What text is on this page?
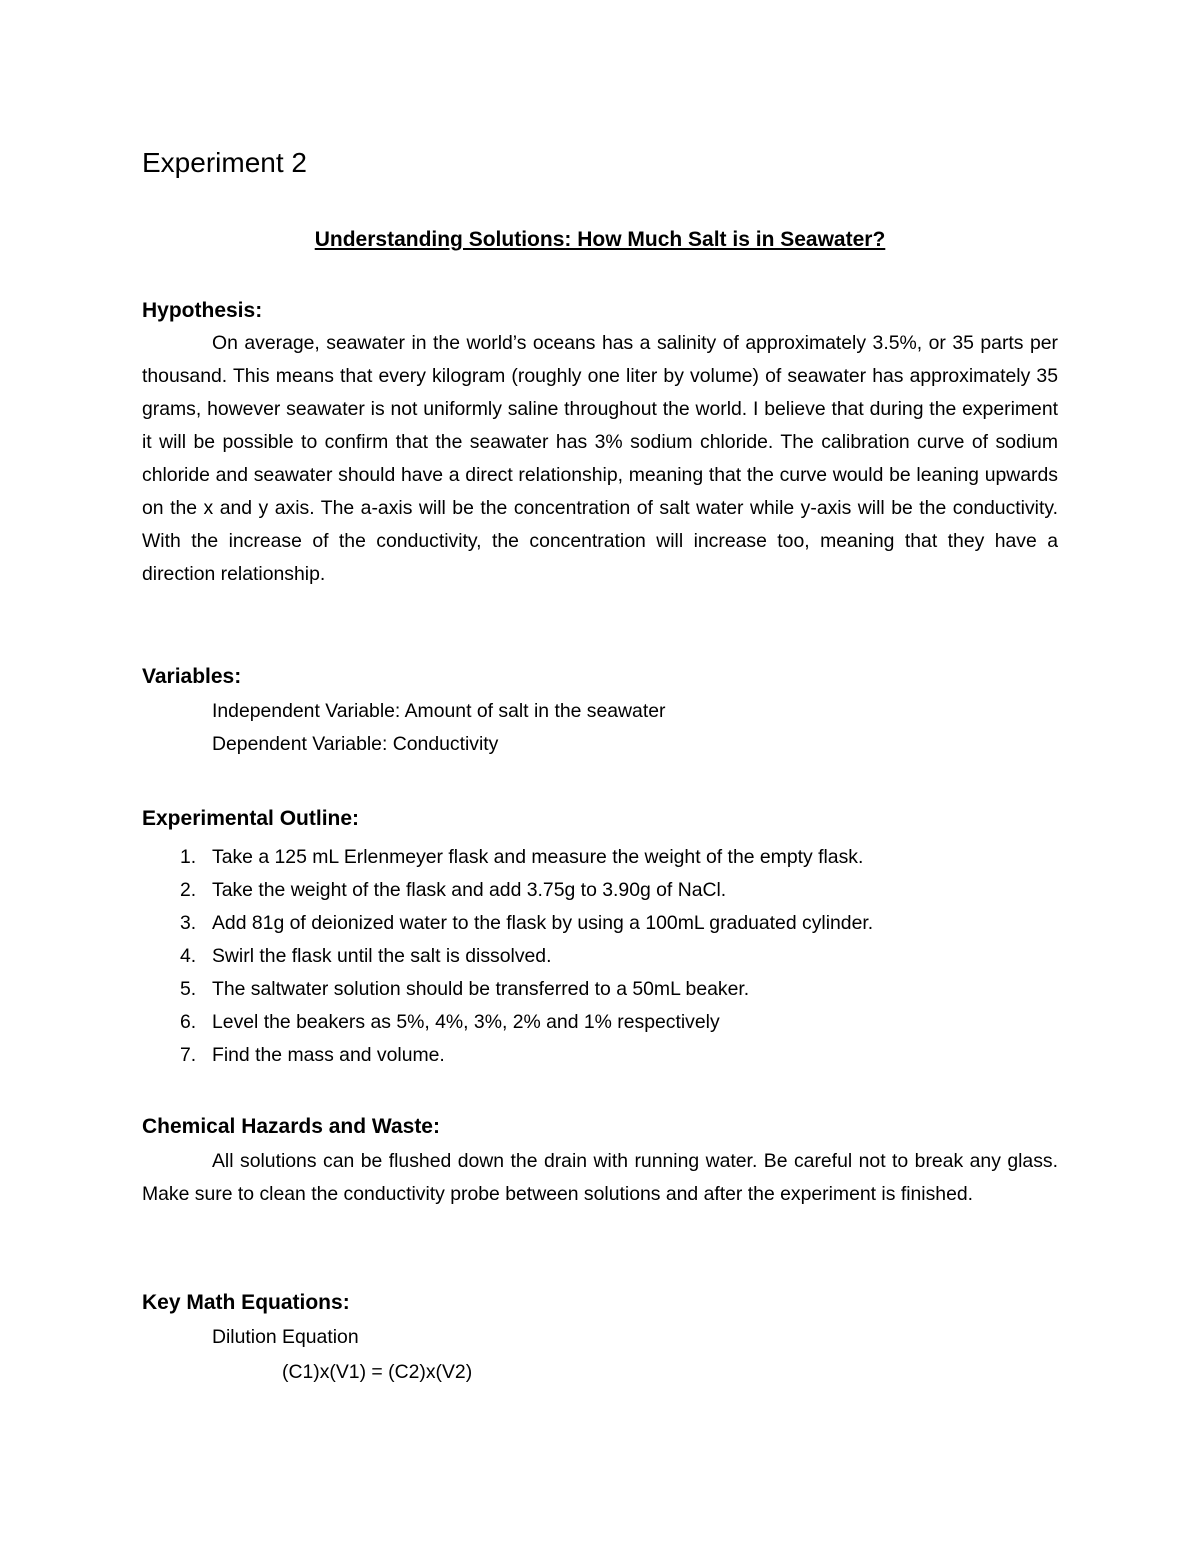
Experiment 2

Understanding Solutions: How Much Salt is in Seawater?

Hypothesis:

On average, seawater in the world’s oceans has a salinity of approximately 3.5%, or 35 parts per thousand. This means that every kilogram (roughly one liter by volume) of seawater has approximately 35 grams, however seawater is not uniformly saline throughout the world. I believe that during the experiment it will be possible to confirm that the seawater has 3% sodium chloride. The calibration curve of sodium chloride and seawater should have a direct relationship, meaning that the curve would be leaning upwards on the x and y axis. The a-axis will be the concentration of salt water while y-axis will be the conductivity. With the increase of the conductivity, the concentration will increase too, meaning that they have a direction relationship.

Variables:

Independent Variable: Amount of salt in the seawater

Dependent Variable: Conductivity

Experimental Outline:
1. Take a 125 mL Erlenmeyer flask and measure the weight of the empty flask.
2. Take the weight of the flask and add 3.75g to 3.90g of NaCl.
3. Add 81g of deionized water to the flask by using a 100mL graduated cylinder.
4. Swirl the flask until the salt is dissolved.
5. The saltwater solution should be transferred to a 50mL beaker.
6. Level the beakers as 5%, 4%, 3%, 2% and 1% respectively
7. Find the mass and volume.
Chemical Hazards and Waste:

All solutions can be flushed down the drain with running water. Be careful not to break any glass. Make sure to clean the conductivity probe between solutions and after the experiment is finished.

Key Math Equations:

Dilution Equation

(C1)x(V1) = (C2)x(V2)
